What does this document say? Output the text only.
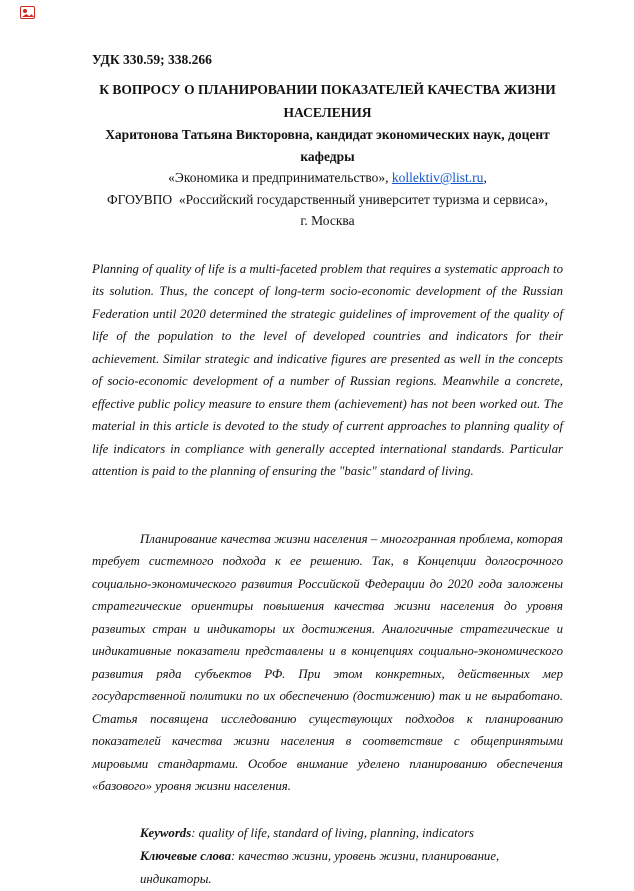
УДК 330.59; 338.266
К ВОПРОСУ О ПЛАНИРОВАНИИ ПОКАЗАТЕЛЕЙ КАЧЕСТВА ЖИЗНИ
НАСЕЛЕНИЯ
Харитонова Татьяна Викторовна, кандидат экономических наук, доцент кафедры
«Экономика и предпринимательство», kollektiv@list.ru,
ФГОУВПО  «Российский государственный университет туризма и сервиса»,
г. Москва

Planning of quality of life is a multi-faceted problem that requires a systematic approach to its solution. Thus, the concept of long-term socio-economic development of the Russian Federation until 2020 determined the strategic guidelines of improvement of the quality of life of the population to the level of developed countries and indicators for their achievement. Similar strategic and indicative figures are presented as well in the concepts of socio-economic development of a number of Russian regions. Meanwhile a concrete, effective public policy measure to ensure them (achievement) has not been worked out. The material in this article is devoted to the study of current approaches to planning quality of life indicators in compliance with generally accepted international standards. Particular attention is paid to the planning of ensuring the "basic" standard of living.

Планирование качества жизни населения – многогранная проблема, которая требует системного подхода к ее решению. Так, в Концепции долгосрочного социально-экономического развития Российской Федерации до 2020 года заложены стратегические ориентиры повышения качества жизни населения до уровня развитых стран и индикаторы их достижения. Аналогичные стратегические и индикативные показатели представлены и в концепциях социально-экономического развития ряда субъектов РФ. При этом конкретных, действенных мер государственной политики по их обеспечению (достижению) так и не выработано. Статья посвящена исследованию существующих подходов к планированию показателей качества жизни населения в соответствие с общепринятыми мировыми стандартами. Особое внимание уделено планированию обеспечения «базового» уровня жизни населения.

Keywords: quality of life, standard of living, planning, indicators
Ключевые слова: качество жизни, уровень жизни, планирование, индикаторы.
